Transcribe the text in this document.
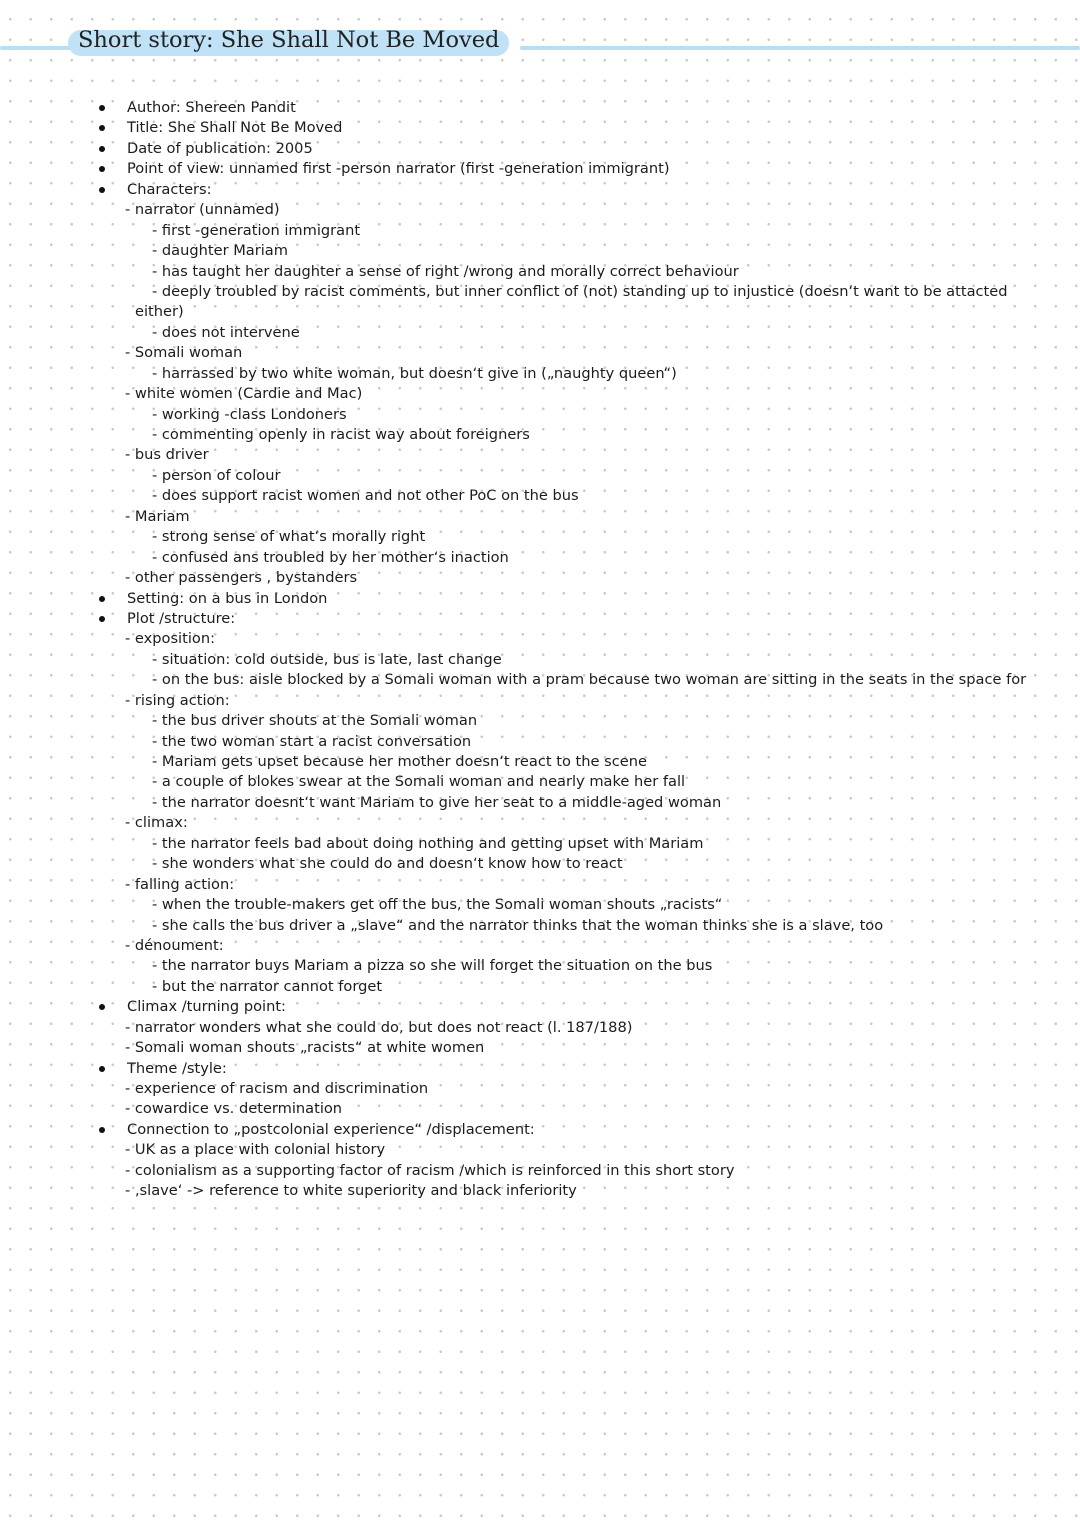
Short story: She Shall Not Be Moved
Author: Shereen Pandit
Title: She Shall Not Be Moved
Date of publication: 2005
Point of view: unnamed first -person narrator (first -generation immigrant)
Characters:
- narrator (unnamed)
- first -generation immigrant
- daughter Mariam
- has taught her daughter a sense of right /wrong and morally correct behaviour
- deeply troubled by racist comments, but inner conflict of (not) standing up to injustice (doesn‘t want to be attacted
either)
- does not intervene
- Somali woman
- harrassed by two white woman, but doesn‘t give in („naughty queen“)
- white women (Cardie and Mac)
- working -class Londoners
- commenting openly in racist way about foreigners
- bus driver
- person of colour
- does support racist women and not other PoC on the bus
- Mariam
- strong sense of what‘s morally right
- confused ans troubled by her mother‘s inaction
- other passengers , bystanders
Setting: on a bus in London
Plot /structure:
- exposition:
- situation: cold outside, bus is late, last change
- on the bus: aisle blocked by a Somali woman with a pram because two woman are sitting in the seats in the space for
- rising action:
- the bus driver shouts at the Somali woman
- the two woman start a racist conversation
- Mariam gets upset because her mother doesn‘t react to the scene
- a couple of blokes swear at the Somali woman and nearly make her fall
- the narrator doesnt‘t want Mariam to give her seat to a middle-aged woman
- climax:
- the narrator feels bad about doing nothing and getting upset with Mariam
- she wonders what she could do and doesn‘t know how to react
- falling action:
- when the trouble-makers get off the bus, the Somali woman shouts „racists“
- she calls the bus driver a „slave“ and the narrator thinks that the woman thinks she is a slave, too
- dénoument:
- the narrator buys Mariam a pizza so she will forget the situation on the bus
- but the narrator cannot forget
Climax /turning point:
- narrator wonders what she could do, but does not react (l. 187/188)
- Somali woman shouts „racists“ at white women
Theme /style:
- experience of racism and discrimination
- cowardice vs. determination
Connection to „postcolonial experience“ /displacement:
- UK as a place with colonial history
- colonialism as a supporting factor of racism /which is reinforced in this short story
- ‚slave‘ -> reference to white superiority and black inferiority
